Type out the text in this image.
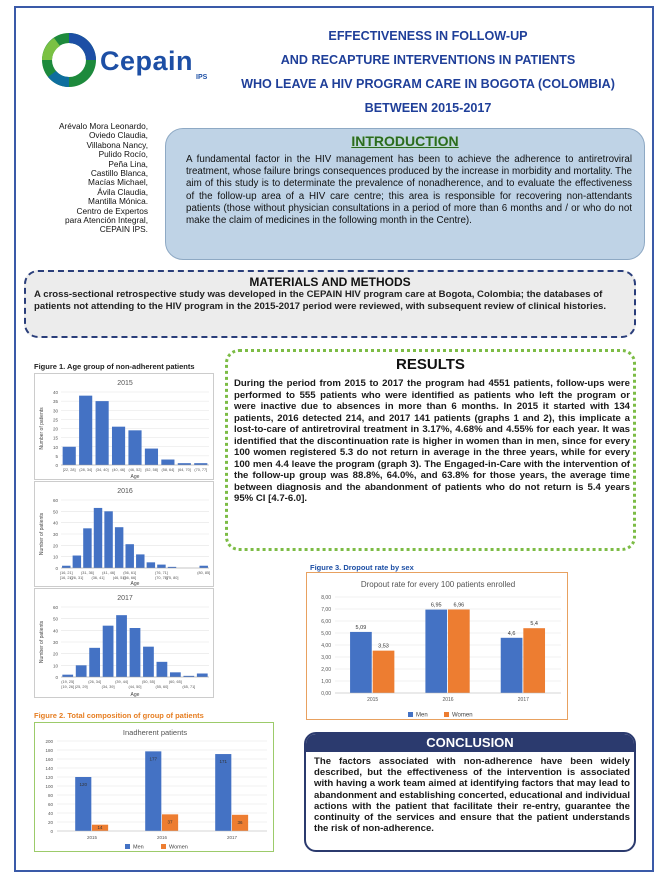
Cepain
IPS
EFFECTIVENESS IN FOLLOW-UP
AND RECAPTURE INTERVENTIONS IN PATIENTS
WHO LEAVE A HIV PROGRAM CARE IN BOGOTA (COLOMBIA)
BETWEEN 2015-2017
Arévalo Mora Leonardo,
Oviedo Claudia,
Villabona Nancy,
Pulido Rocío,
Peña Lina,
Castillo Blanca,
Macías Michael,
Ávila Claudia,
Mantilla Mónica.
Centro de Expertos
para Atención Integral,
CEPAIN IPS.
INTRODUCTION
A fundamental factor in the HIV management has been to achieve the adherence to antiretroviral treatment, whose failure brings consequences produced by the increase in morbidity and mortality. The aim of this study is to determinate the prevalence of nonadherence, and to evaluate the effectiveness of the follow-up area of a HIV care centre; this area is responsible for recovering non-attendants patients (those without physician consultations in a period of more than 6 months and / or who do not make the claim of medicines in the following month in the Centre).
MATERIALS AND METHODS
A cross-sectional retrospective study was developed in the CEPAIN HIV program care at Bogota, Colombia; the databases of patients not attending to the HIV program in the 2015-2017 period were reviewed, with subsequent review of clinical histories.
RESULTS
During the period from 2015 to 2017 the program had 4551 patients, follow-ups were performed to 555 patients who were identified as patients who left the program or were inactive due to absences in more than 6 months. In 2015 it started with 134 patients, 2016 detected 214, and 2017 141 patients (graphs 1 and 2), this implicate a lost-to-care of antiretroviral treatment in 3.17%, 4.68% and 4.55% for each year. It was identified that the discontinuation rate is higher in women than in men, since for every 100 women registered 5.3 do not return in average in the three years, while for every 100 men 4.4 leave the program (graph 3). The Engaged-in-Care with the intervention of the follow-up group was 88.8%, 64.0%, and 63.8% for those years, the average time between diagnosis and the abandonment of patients who do not return is 5.4 years 95% CI [4.7-6.0].
Figure 1. Age group of non-adherent patients
2015
0
5
10
15
20
25
30
35
40
Number of patients
[22, 28] (28, 34] (34, 40] (40, 46] (46, 52] (52, 58] (58, 64] (64, 70] (70, 77]
Age
2016
0
10
20
30
40
50
60
Number of patients
(16, 21] (31, 36] (41, 46] (56, 61]	(76, 71]	(80, 85]
[16, 21]
(26, 31] (36, 41] (46, 51]
(56, 66]	(70, 75]
(75, 80]
Age
2017
0
10
20
30
40
50
60
Number of patients
(19, 25]	(26, 34]	(39, 44]	(50, 55]	(60, 65]
[19, 26] (25, 29]	(34, 39]	(44, 50]	(55, 60]	(65, 71]
Age
Figure 2. Total composition of group of patients
Inadherent patients
0
20
40
60
80
100
120
140
160
180
200
120
14
2015
177
37
2016
171
36
2017
Men	Women
Figure 3. Dropout rate by sex
Dropout rate for every 100 patients enrolled
0,00
1,00
2,00
3,00
4,00
5,00
6,00
7,00
8,00
5,09
3,53
2015
6,95 6,96
2016
4,6
5,4
2017
Men	Women
CONCLUSION
The factors associated with non-adherence have been widely described, but the effectiveness of the intervention is associated with having a work team aimed at identifying factors that may lead to abandonment and establishing concerted, educational and individual actions with the patient that facilitate their re-entry, guarantee the continuity of the services and ensure that the patient understands the risk of non-adherence.
